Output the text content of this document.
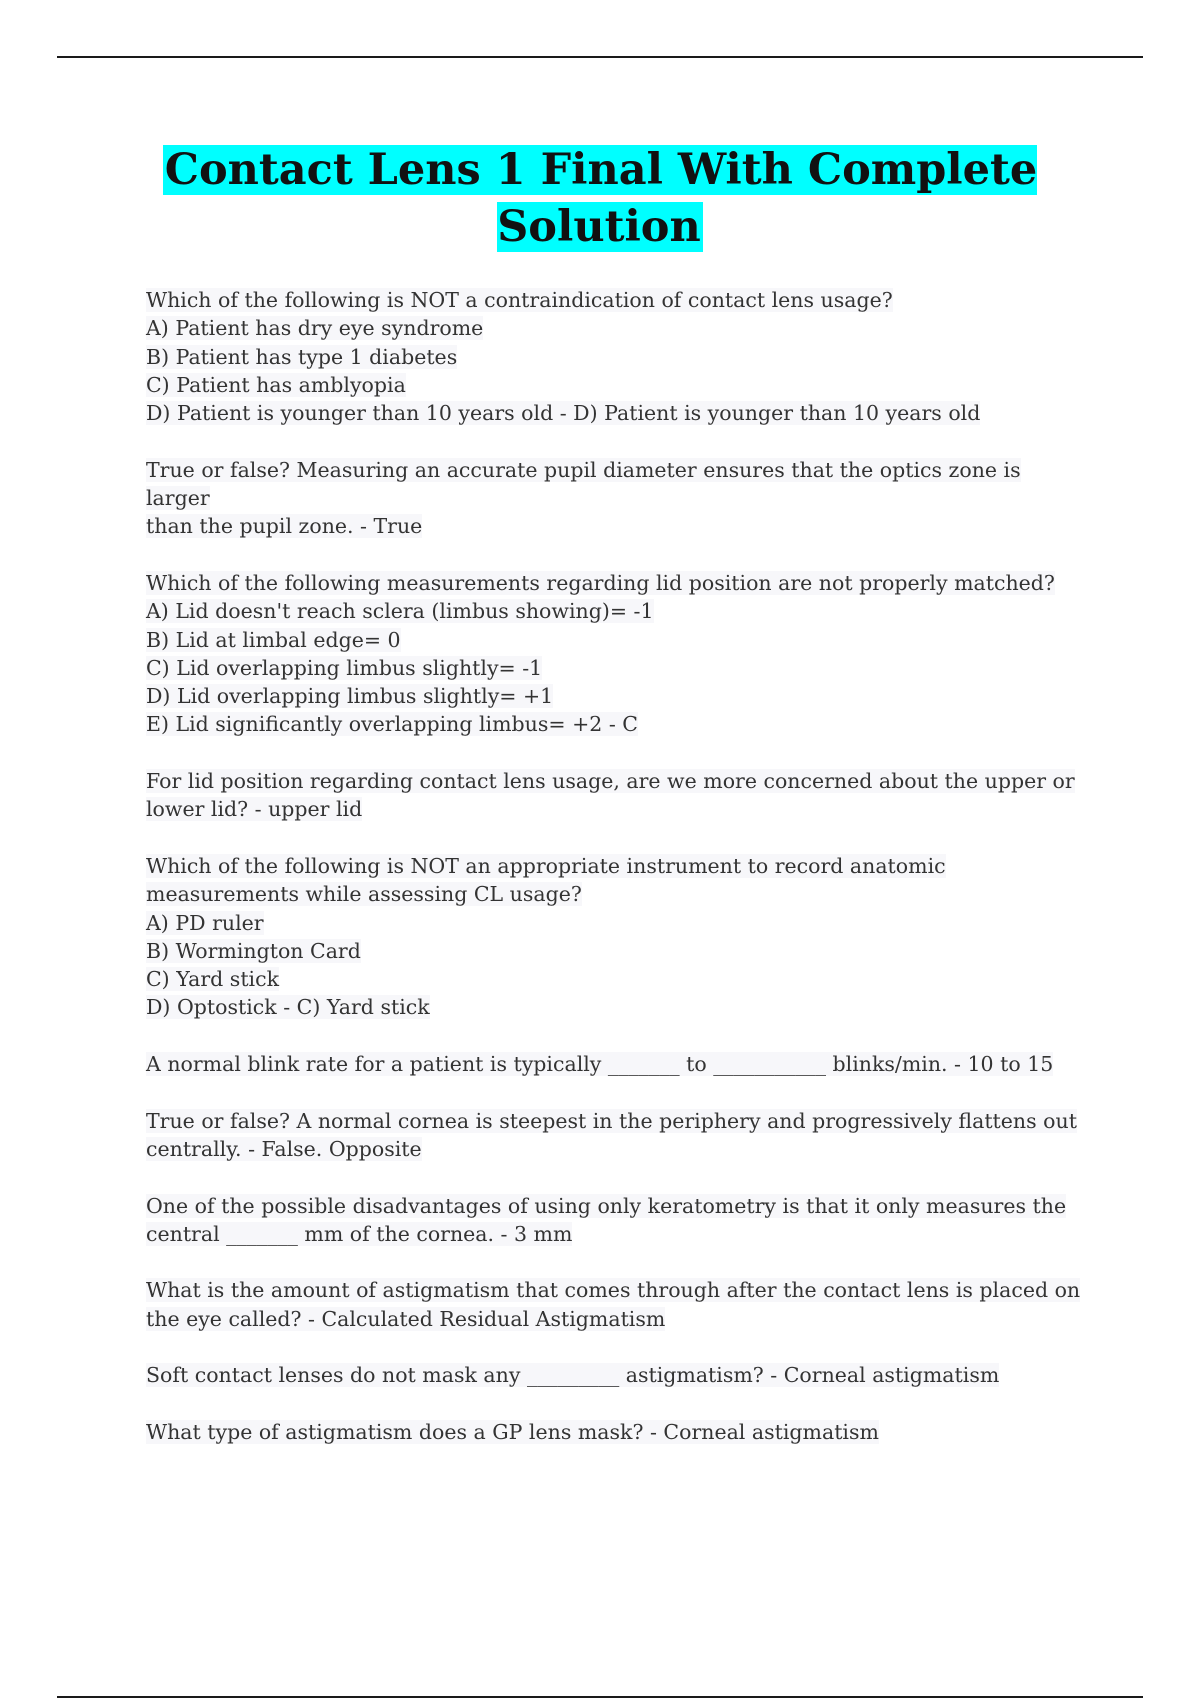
Contact Lens 1 Final With Complete Solution

Which of the following is NOT a contraindication of contact lens usage?

A) Patient has dry eye syndrome

B) Patient has type 1 diabetes

C) Patient has amblyopia

D) Patient is younger than 10 years old - D) Patient is younger than 10 years old

True or false? Measuring an accurate pupil diameter ensures that the optics zone is larger

than the pupil zone. - True

Which of the following measurements regarding lid position are not properly matched?

A) Lid doesn't reach sclera (limbus showing)= -1

B) Lid at limbal edge= 0

C) Lid overlapping limbus slightly= -1

D) Lid overlapping limbus slightly= +1

E) Lid significantly overlapping limbus= +2 - C

For lid position regarding contact lens usage, are we more concerned about the upper or

lower lid? - upper lid

Which of the following is NOT an appropriate instrument to record anatomic

measurements while assessing CL usage?

A) PD ruler

B) Wormington Card

C) Yard stick

D) Optostick - C) Yard stick

A normal blink rate for a patient is typically _______ to ___________ blinks/min. - 10 to 15

True or false? A normal cornea is steepest in the periphery and progressively flattens out

centrally. - False. Opposite

One of the possible disadvantages of using only keratometry is that it only measures the

central _______ mm of the cornea. - 3 mm

What is the amount of astigmatism that comes through after the contact lens is placed on

the eye called? - Calculated Residual Astigmatism

Soft contact lenses do not mask any _________ astigmatism? - Corneal astigmatism

What type of astigmatism does a GP lens mask? - Corneal astigmatism
